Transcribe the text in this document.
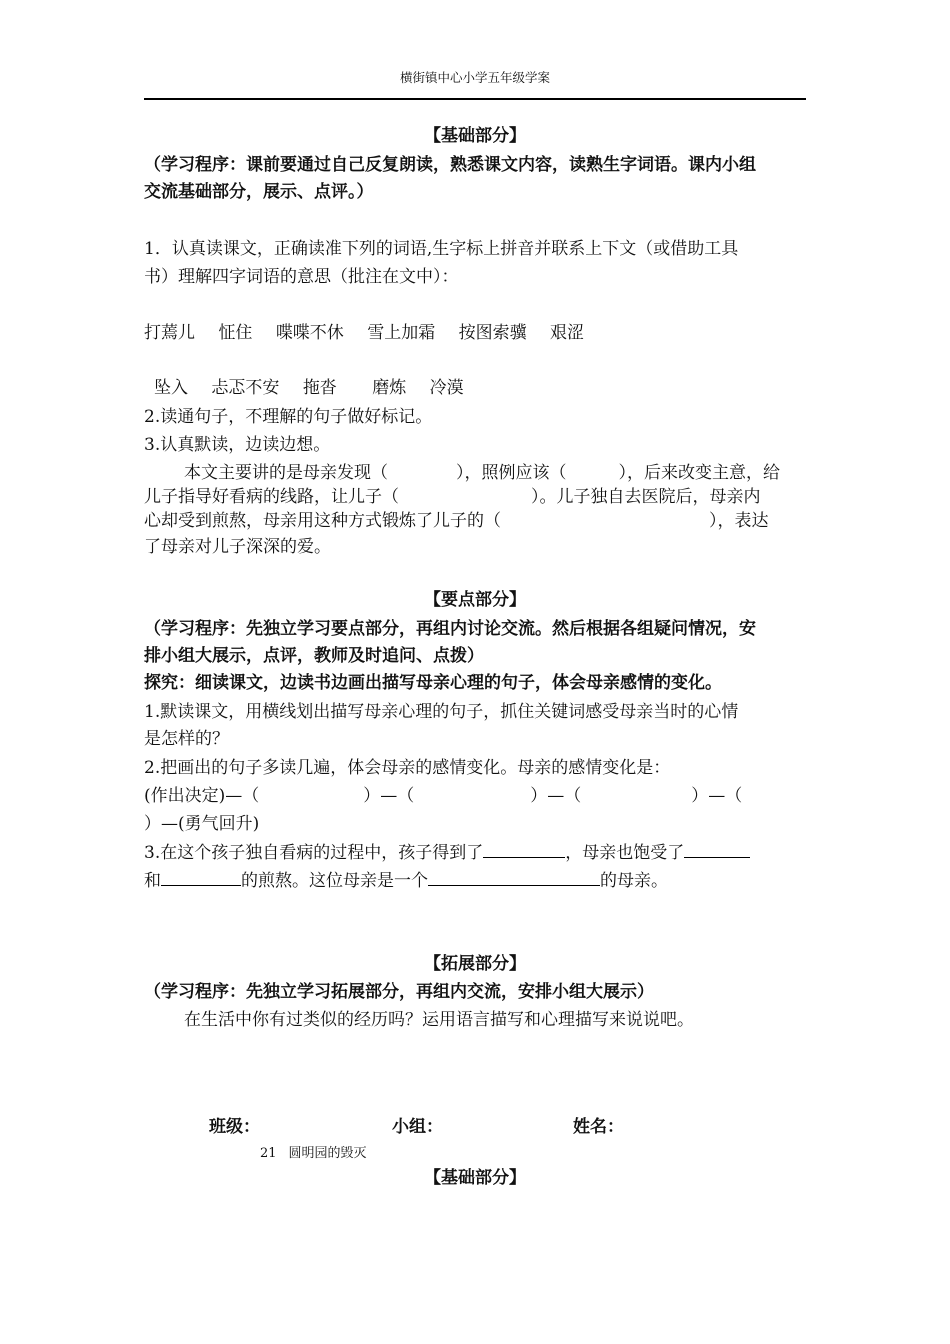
横街镇中心小学五年级学案
【基础部分】
（学习程序：课前要通过自己反复朗读，熟悉课文内容，读熟生字词语。课内小组
交流基础部分，展示、点评。）
1．认真读课文，正确读准下列的词语,生字标上拼音并联系上下文（或借助工具
书）理解四字词语的意思（批注在文中）：
打蔫儿 怔住 喋喋不休 雪上加霜 按图索骥 艰涩
坠入 忐忑不安 拖沓 磨炼 冷漠
2.读通句子，不理解的句子做好标记。
3.认真默读，边读边想。
本文主要讲的是母亲发现（	），照例应该（	），后来改变主意，给
儿子指导好看病的线路，让儿子（	）。儿子独自去医院后，母亲内
心却受到煎熬，母亲用这种方式锻炼了儿子的（	），表达
了母亲对儿子深深的爱。
【要点部分】
（学习程序：先独立学习要点部分，再组内讨论交流。然后根据各组疑问情况，安
排小组大展示，点评，教师及时追问、点拨）
探究：细读课文，边读书边画出描写母亲心理的句子，体会母亲感情的变化。
1.默读课文，用横线划出描写母亲心理的句子，抓住关键词感受母亲当时的心情
是怎样的？
2.把画出的句子多读几遍，体会母亲的感情变化。母亲的感情变化是：
(作出决定)—（	）—（	）—（	）—（
）—(勇气回升)
3.在这个孩子独自看病的过程中，孩子得到了	，母亲也饱受了
和	的煎熬。这位母亲是一个	的母亲。
【拓展部分】
（学习程序：先独立学习拓展部分，再组内交流，安排小组大展示）
在生活中你有过类似的经历吗？运用语言描写和心理描写来说说吧。
班级：	小组：	姓名：
21 圆明园的毁灭
【基础部分】
